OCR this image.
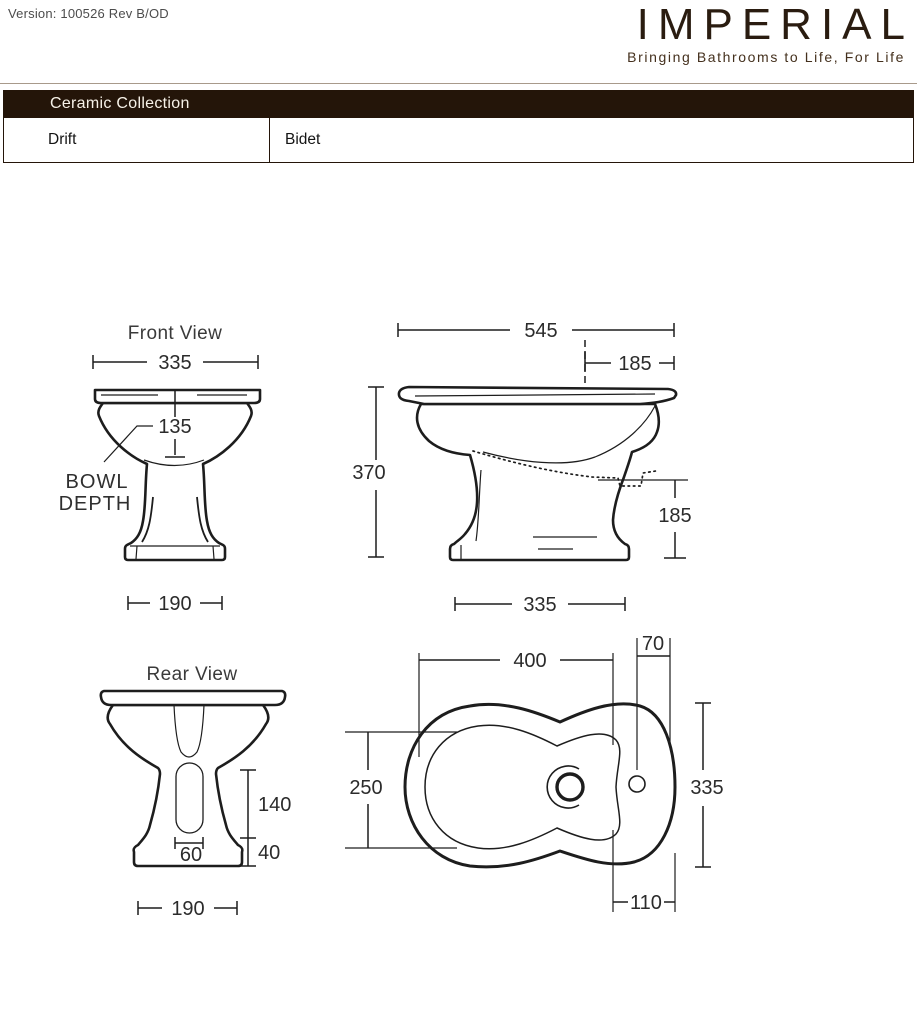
Version: 100526 Rev B/OD	IMPERIAL
Bringing Bathrooms to Life, For Life
Ceramic Collection
Drift	Bidet
Front View
335
135
BOWL
DEPTH
190
545
185
370
185
335
Rear View
140
40
60
190
400
70
250	335
110
